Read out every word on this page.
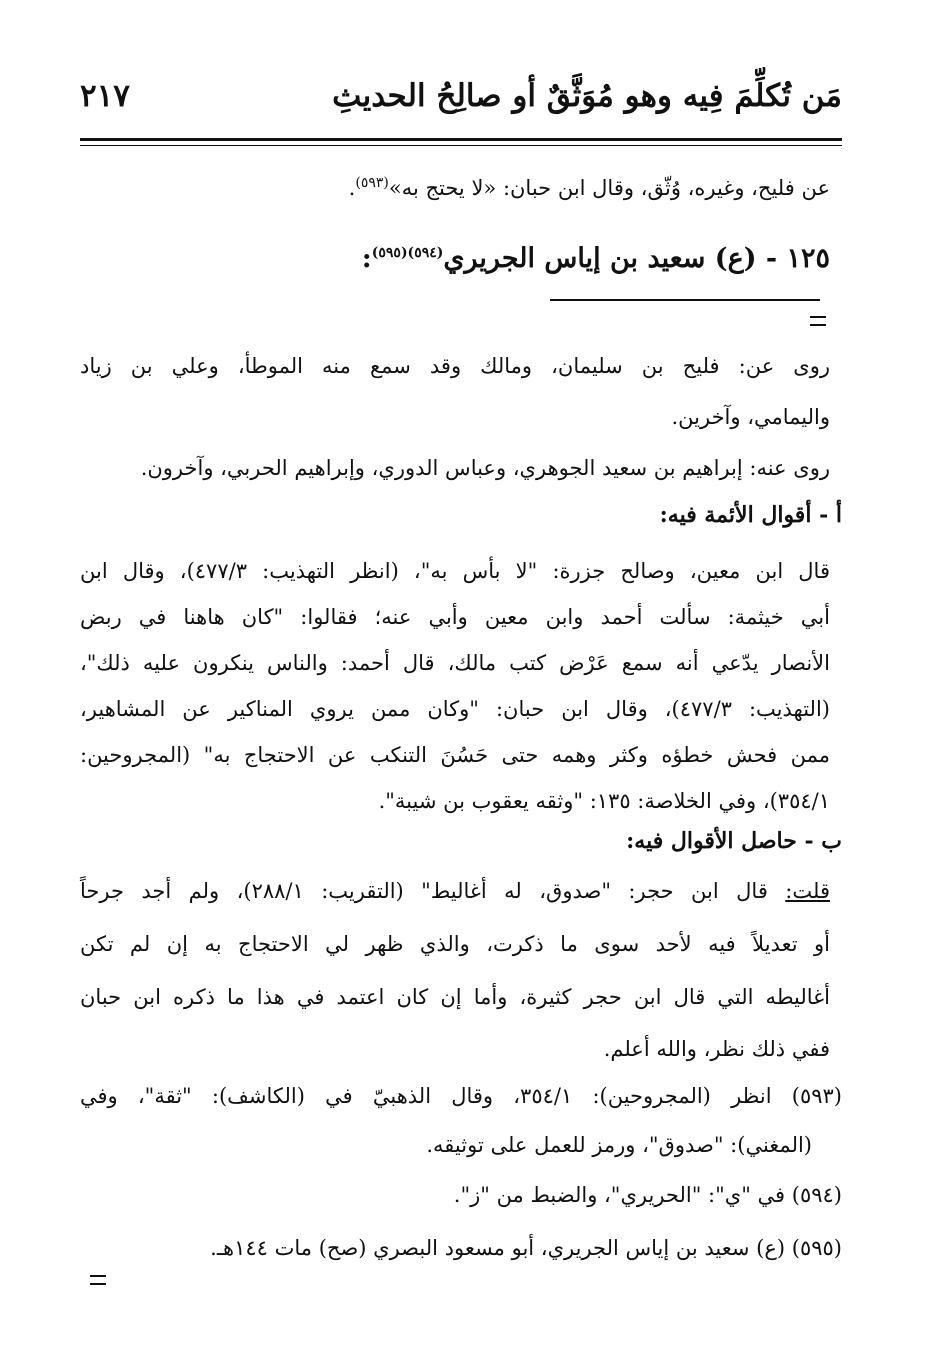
مَن تُكلِّمَ فِيه وهو مُوَثَّقٌ أو صالِحُ الحديثِ
٢١٧
عن فليح، وغيره، وُثّق، وقال ابن حبان: «لا يحتج به»$^{(٥٩٣)}$.
١٢٥ - (ع) سعيد بن إياس الجريري$^{(٥٩٤)(٥٩٥)}$:
روى عن: فليح بن سليمان، ومالك وقد سمع منه الموطأ، وعلي بن زياد
واليمامي، وآخرين.
روى عنه: إبراهيم بن سعيد الجوهري، وعباس الدوري، وإبراهيم الحربي، وآخرون.
أ - أقوال الأئمة فيه:
قال ابن معين، وصالح جزرة: "لا بأس به"، (انظر التهذيب: ٤٧٧/٣)، وقال ابن
أبي خيثمة: سألت أحمد وابن معين وأبي عنه؛ فقالوا: "كان هاهنا في ربض
الأنصار يدّعي أنه سمع عَرْض كتب مالك، قال أحمد: والناس ينكرون عليه ذلك"،
(التهذيب: ٤٧٧/٣)، وقال ابن حبان: "وكان ممن يروي المناكير عن المشاهير،
ممن فحش خطؤه وكثر وهمه حتى حَسُنَ التنكب عن الاحتجاج به" (المجروحين:
٣٥٤/١)، وفي الخلاصة: ١٣٥: "وثقه يعقوب بن شيبة".
ب - حاصل الأقوال فيه:
قلت: قال ابن حجر: "صدوق، له أغاليط" (التقريب: ٢٨٨/١)، ولم أجد جرحاً
أو تعديلاً فيه لأحد سوى ما ذكرت، والذي ظهر لي الاحتجاج به إن لم تكن
أغاليطه التي قال ابن حجر كثيرة، وأما إن كان اعتمد في هذا ما ذكره ابن حبان
ففي ذلك نظر، والله أعلم.
(٥٩٣) انظر (المجروحين): ٣٥٤/١، وقال الذهبيّ في (الكاشف): "ثقة"، وفي
(المغني): "صدوق"، ورمز للعمل على توثيقه.
(٥٩٤) في "ي": "الحريري"، والضبط من "ز".
(٥٩٥) (ع) سعيد بن إياس الجريري، أبو مسعود البصري (صح) مات ١٤٤هـ.
